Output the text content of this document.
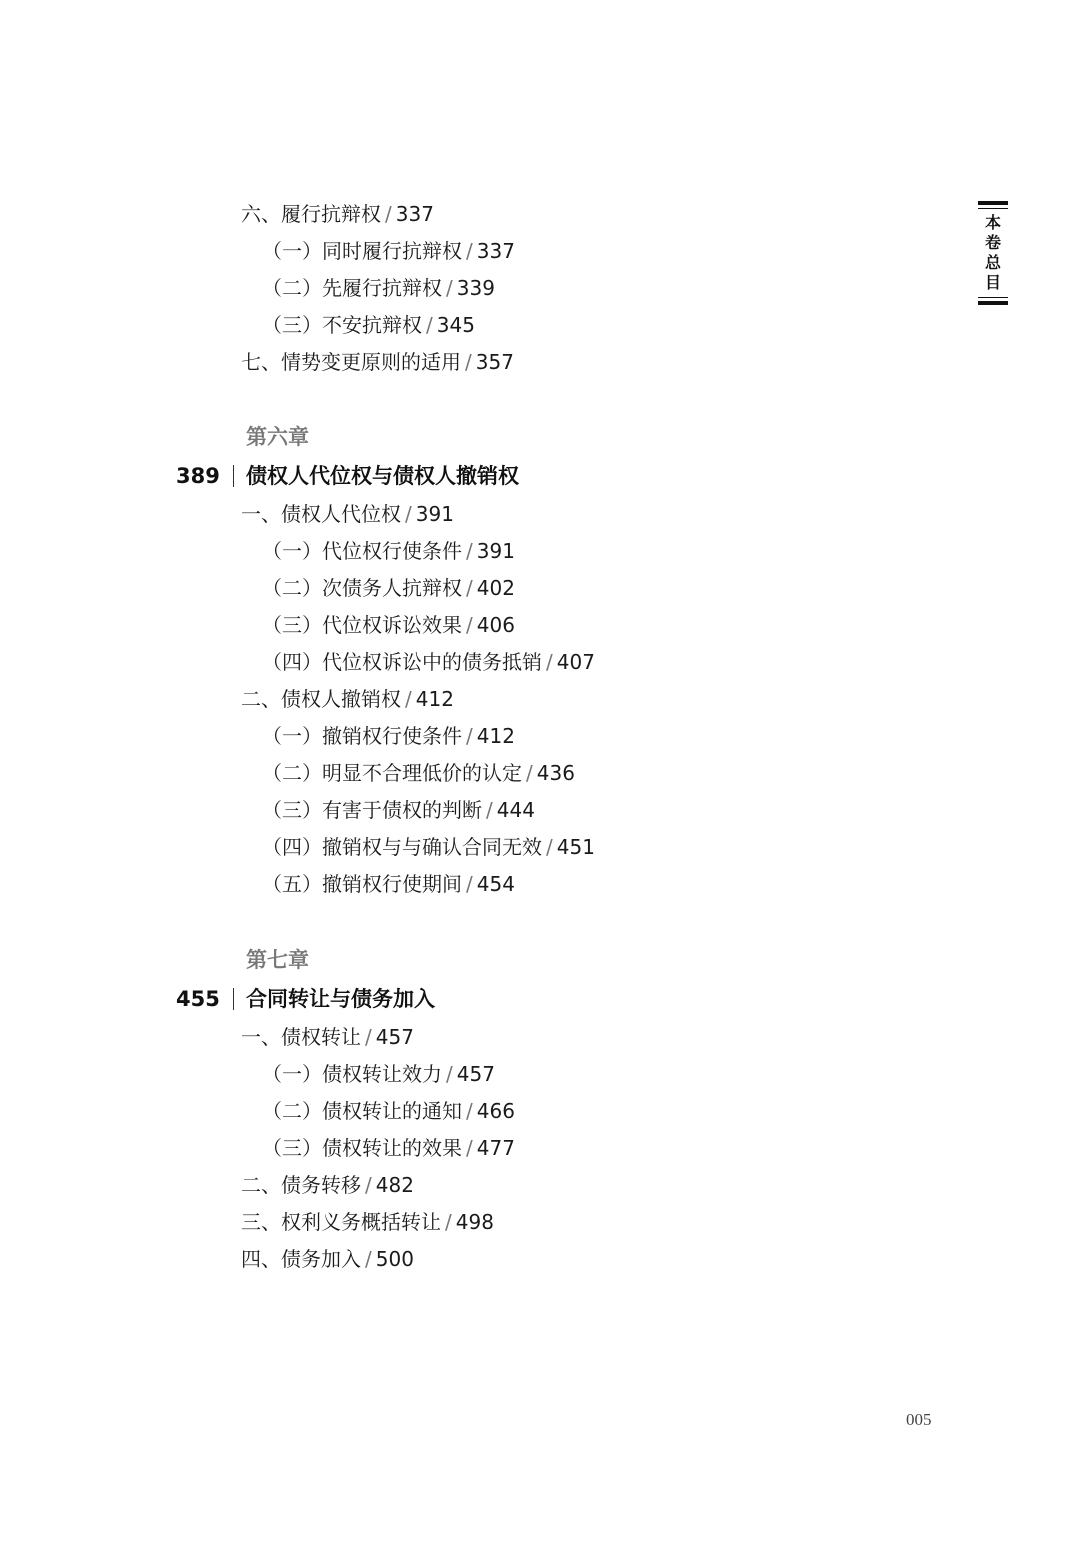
六、履行抗辩权 / 337
（一）同时履行抗辩权 / 337
（二）先履行抗辩权 / 339
（三）不安抗辩权 / 345
七、情势变更原则的适用 / 357
第六章
389 债权人代位权与债权人撤销权
一、债权人代位权 / 391
（一）代位权行使条件 / 391
（二）次债务人抗辩权 / 402
（三）代位权诉讼效果 / 406
（四）代位权诉讼中的债务抵销 / 407
二、债权人撤销权 / 412
（一）撤销权行使条件 / 412
（二）明显不合理低价的认定 / 436
（三）有害于债权的判断 / 444
（四）撤销权与与确认合同无效 / 451
（五）撤销权行使期间 / 454
第七章
455 合同转让与债务加入
一、债权转让 / 457
（一）债权转让效力 / 457
（二）债权转让的通知 / 466
（三）债权转让的效果 / 477
二、债务转移 / 482
三、权利义务概括转让 / 498
四、债务加入 / 500
本
卷
总
目
005
